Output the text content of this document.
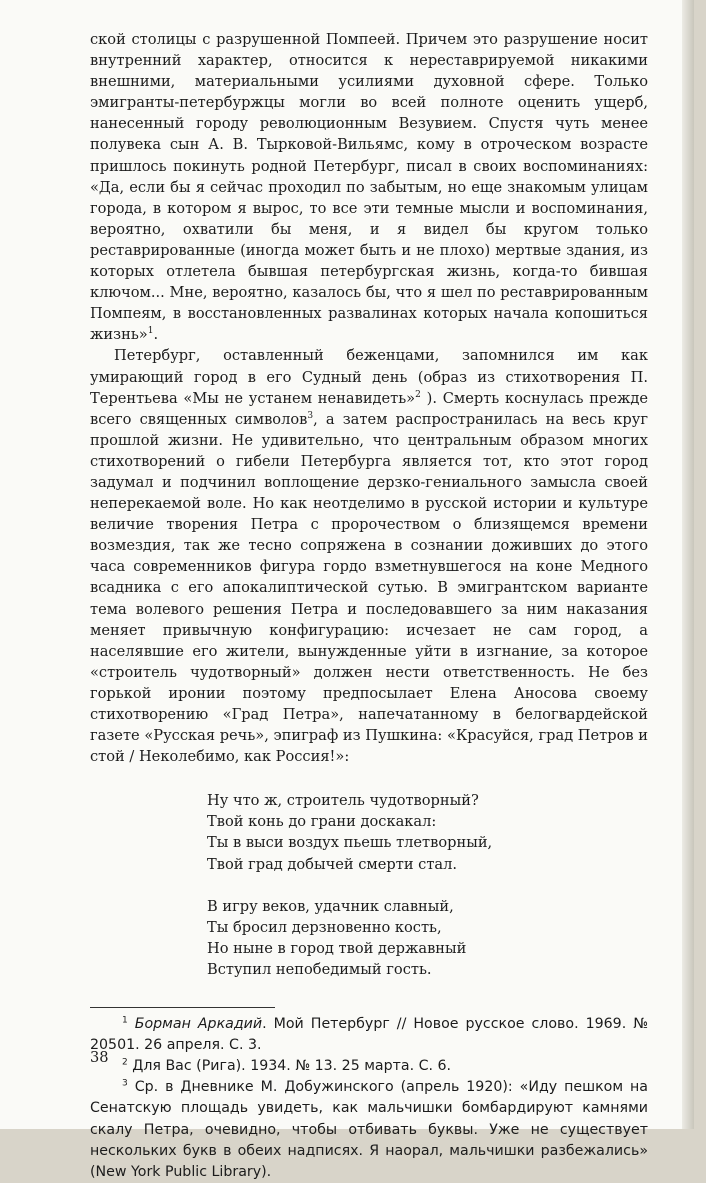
ской столицы с разрушенной Помпеей. Причем это разрушение носит внутренний характер, относится к нереставрируемой никакими внешними, материальными усилиями духовной сфере. Только эмигранты-петербуржцы могли во всей полноте оценить ущерб, нанесенный городу революционным Везувием. Спустя чуть менее полувека сын А. В. Тырковой-Вильямс, кому в отроческом возрасте пришлось покинуть родной Петербург, писал в своих воспоминаниях: «Да, если бы я сейчас проходил по забытым, но еще знакомым улицам города, в котором я вырос, то все эти темные мысли и воспоминания, вероятно, охватили бы меня, и я видел бы кругом только реставрированные (иногда может быть и не плохо) мертвые здания, из которых отлетела бывшая петербургская жизнь, когда-то бившая ключом... Мне, вероятно, казалось бы, что я шел по реставрированным Помпеям, в восстановленных развалинах которых начала копошиться жизнь»$^1$.

Петербург, оставленный беженцами, запомнился им как умирающий город в его Судный день (образ из стихотворения П. Терентьева «Мы не устанем ненавидеть»$^2$ ). Смерть коснулась прежде всего священных символов$^3$, а затем распространилась на весь круг прошлой жизни. Не удивительно, что центральным образом многих стихотворений о гибели Петербурга является тот, кто этот город задумал и подчинил воплощение дерзко-гениального замысла своей неперекаемой воле. Но как неотделимо в русской истории и культуре величие творения Петра с пророчеством о близящемся времени возмездия, так же тесно сопряжена в сознании доживших до этого часа современников фигура гордо взметнувшегося на коне Медного всадника с его апокалиптической сутью. В эмигрантском варианте тема волевого решения Петра и последовавшего за ним наказания меняет привычную конфигурацию: исчезает не сам город, а населявшие его жители, вынужденные уйти в изгнание, за которое «строитель чудотворный» должен нести ответственность. Не без горькой иронии поэтому предпосылает Елена Аносова своему стихотворению «Град Петра», напечатанному в белогвардейской газете «Русская речь», эпиграф из Пушкина: «Красуйся, град Петров и стой / Неколебимо, как Россия!»:

Ну что ж, строитель чудотворный?
Твой конь до грани доскакал:
Ты в выси воздух пьешь тлетворный,
Твой град добычей смерти стал.
В игру веков, удачник славный,
Ты бросил дерзновенно кость,
Но ныне в город твой державный
Вступил непобедимый гость.

$^1$ Борман Аркадий. Мой Петербург // Новое русское слово. 1969. № 20501. 26 апреля. С. 3.

$^2$ Для Вас (Рига). 1934. № 13. 25 марта. С. 6.

$^3$ Ср. в Дневнике М. Добужинского (апрель 1920): «Иду пешком на Сенатскую площадь увидеть, как мальчишки бомбардируют камнями скалу Петра, очевидно, чтобы отбивать буквы. Уже не существует нескольких букв в обеих надписях. Я наорал, мальчишки разбежались» (New York Public Library).

38
